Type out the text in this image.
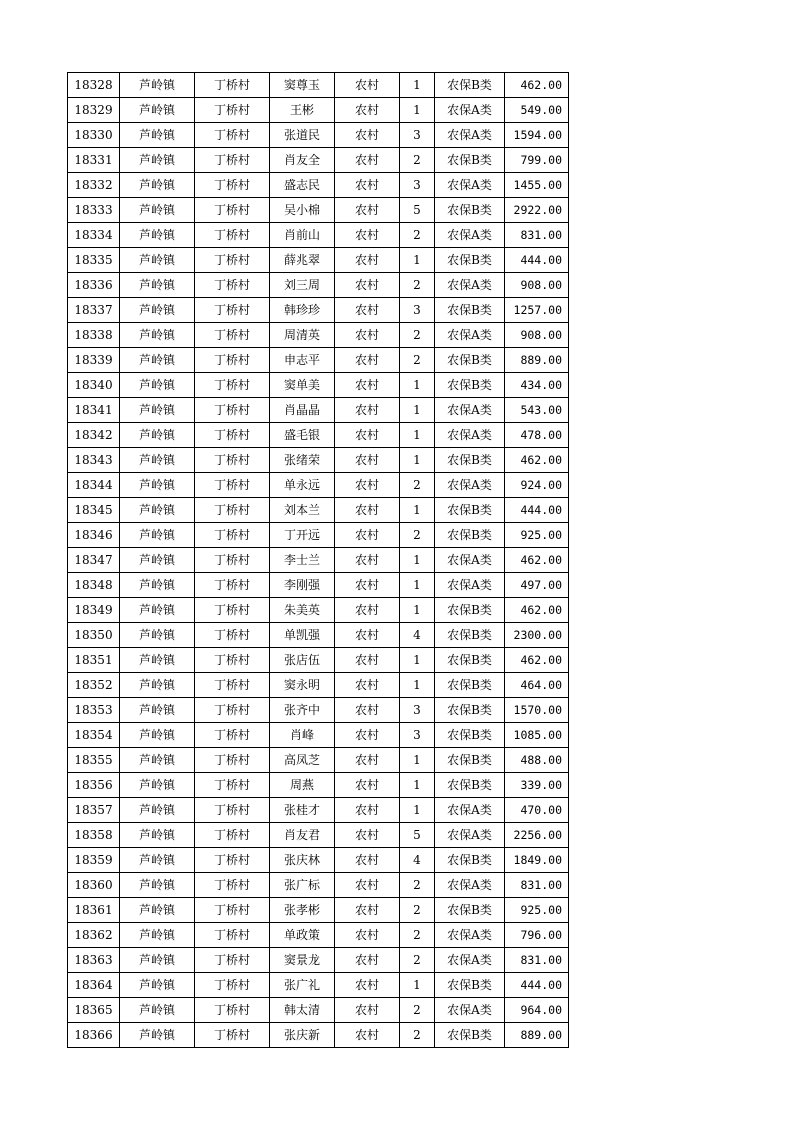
18328	芦岭镇	丁桥村	窦尊玉	农村	1	农保B类	462.00
18329	芦岭镇	丁桥村	王彬	农村	1	农保A类	549.00
18330	芦岭镇	丁桥村	张道民	农村	3	农保A类	1594.00
18331	芦岭镇	丁桥村	肖友全	农村	2	农保B类	799.00
18332	芦岭镇	丁桥村	盛志民	农村	3	农保A类	1455.00
18333	芦岭镇	丁桥村	吴小棉	农村	5	农保B类	2922.00
18334	芦岭镇	丁桥村	肖前山	农村	2	农保A类	831.00
18335	芦岭镇	丁桥村	薛兆翠	农村	1	农保B类	444.00
18336	芦岭镇	丁桥村	刘三周	农村	2	农保A类	908.00
18337	芦岭镇	丁桥村	韩珍珍	农村	3	农保B类	1257.00
18338	芦岭镇	丁桥村	周清英	农村	2	农保A类	908.00
18339	芦岭镇	丁桥村	申志平	农村	2	农保B类	889.00
18340	芦岭镇	丁桥村	窦单美	农村	1	农保B类	434.00
18341	芦岭镇	丁桥村	肖晶晶	农村	1	农保A类	543.00
18342	芦岭镇	丁桥村	盛毛银	农村	1	农保A类	478.00
18343	芦岭镇	丁桥村	张绪荣	农村	1	农保B类	462.00
18344	芦岭镇	丁桥村	单永远	农村	2	农保A类	924.00
18345	芦岭镇	丁桥村	刘本兰	农村	1	农保B类	444.00
18346	芦岭镇	丁桥村	丁开远	农村	2	农保B类	925.00
18347	芦岭镇	丁桥村	李士兰	农村	1	农保A类	462.00
18348	芦岭镇	丁桥村	李刚强	农村	1	农保A类	497.00
18349	芦岭镇	丁桥村	朱美英	农村	1	农保B类	462.00
18350	芦岭镇	丁桥村	单凯强	农村	4	农保B类	2300.00
18351	芦岭镇	丁桥村	张店伍	农村	1	农保B类	462.00
18352	芦岭镇	丁桥村	窦永明	农村	1	农保B类	464.00
18353	芦岭镇	丁桥村	张齐中	农村	3	农保B类	1570.00
18354	芦岭镇	丁桥村	肖峰	农村	3	农保B类	1085.00
18355	芦岭镇	丁桥村	高凤芝	农村	1	农保B类	488.00
18356	芦岭镇	丁桥村	周燕	农村	1	农保B类	339.00
18357	芦岭镇	丁桥村	张桂才	农村	1	农保A类	470.00
18358	芦岭镇	丁桥村	肖友君	农村	5	农保A类	2256.00
18359	芦岭镇	丁桥村	张庆林	农村	4	农保B类	1849.00
18360	芦岭镇	丁桥村	张广标	农村	2	农保A类	831.00
18361	芦岭镇	丁桥村	张孝彬	农村	2	农保B类	925.00
18362	芦岭镇	丁桥村	单政策	农村	2	农保A类	796.00
18363	芦岭镇	丁桥村	窦景龙	农村	2	农保A类	831.00
18364	芦岭镇	丁桥村	张广礼	农村	1	农保B类	444.00
18365	芦岭镇	丁桥村	韩太清	农村	2	农保A类	964.00
18366	芦岭镇	丁桥村	张庆新	农村	2	农保B类	889.00
